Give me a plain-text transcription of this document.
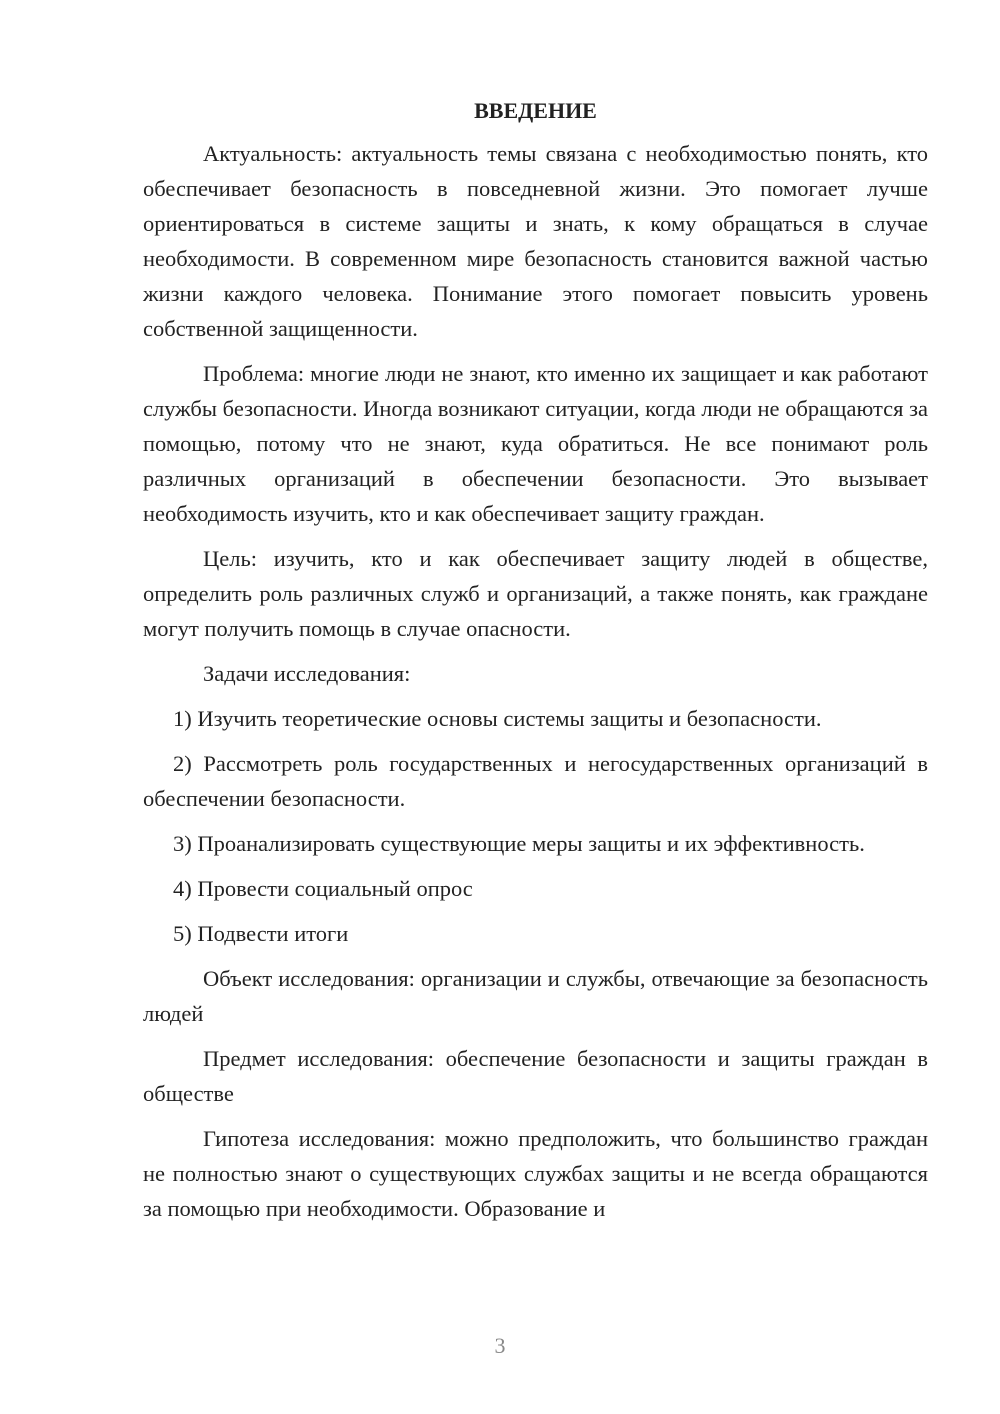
ВВЕДЕНИЕ

Актуальность: актуальность темы связана с необходимостью понять, кто обеспечивает безопасность в повседневной жизни. Это помогает лучше ориентироваться в системе защиты и знать, к кому обращаться в случае необходимости. В современном мире безопасность становится важной частью жизни каждого человека. Понимание этого помогает повысить уровень собственной защищенности.

Проблема: многие люди не знают, кто именно их защищает и как работают службы безопасности. Иногда возникают ситуации, когда люди не обращаются за помощью, потому что не знают, куда обратиться. Не все понимают роль различных организаций в обеспечении безопасности. Это вызывает необходимость изучить, кто и как обеспечивает защиту граждан.

Цель: изучить, кто и как обеспечивает защиту людей в обществе, определить роль различных служб и организаций, а также понять, как граждане могут получить помощь в случае опасности.

Задачи исследования:

1) Изучить теоретические основы системы защиты и безопасности.

2) Рассмотреть роль государственных и негосударственных организаций в обеспечении безопасности.

3) Проанализировать существующие меры защиты и их эффективность.

4) Провести социальный опрос

5) Подвести итоги

Объект исследования: организации и службы, отвечающие за безопасность людей

Предмет исследования: обеспечение безопасности и защиты граждан в обществе

Гипотеза исследования: можно предположить, что большинство граждан не полностью знают о существующих службах защиты и не всегда обращаются за помощью при необходимости. Образование и

3
